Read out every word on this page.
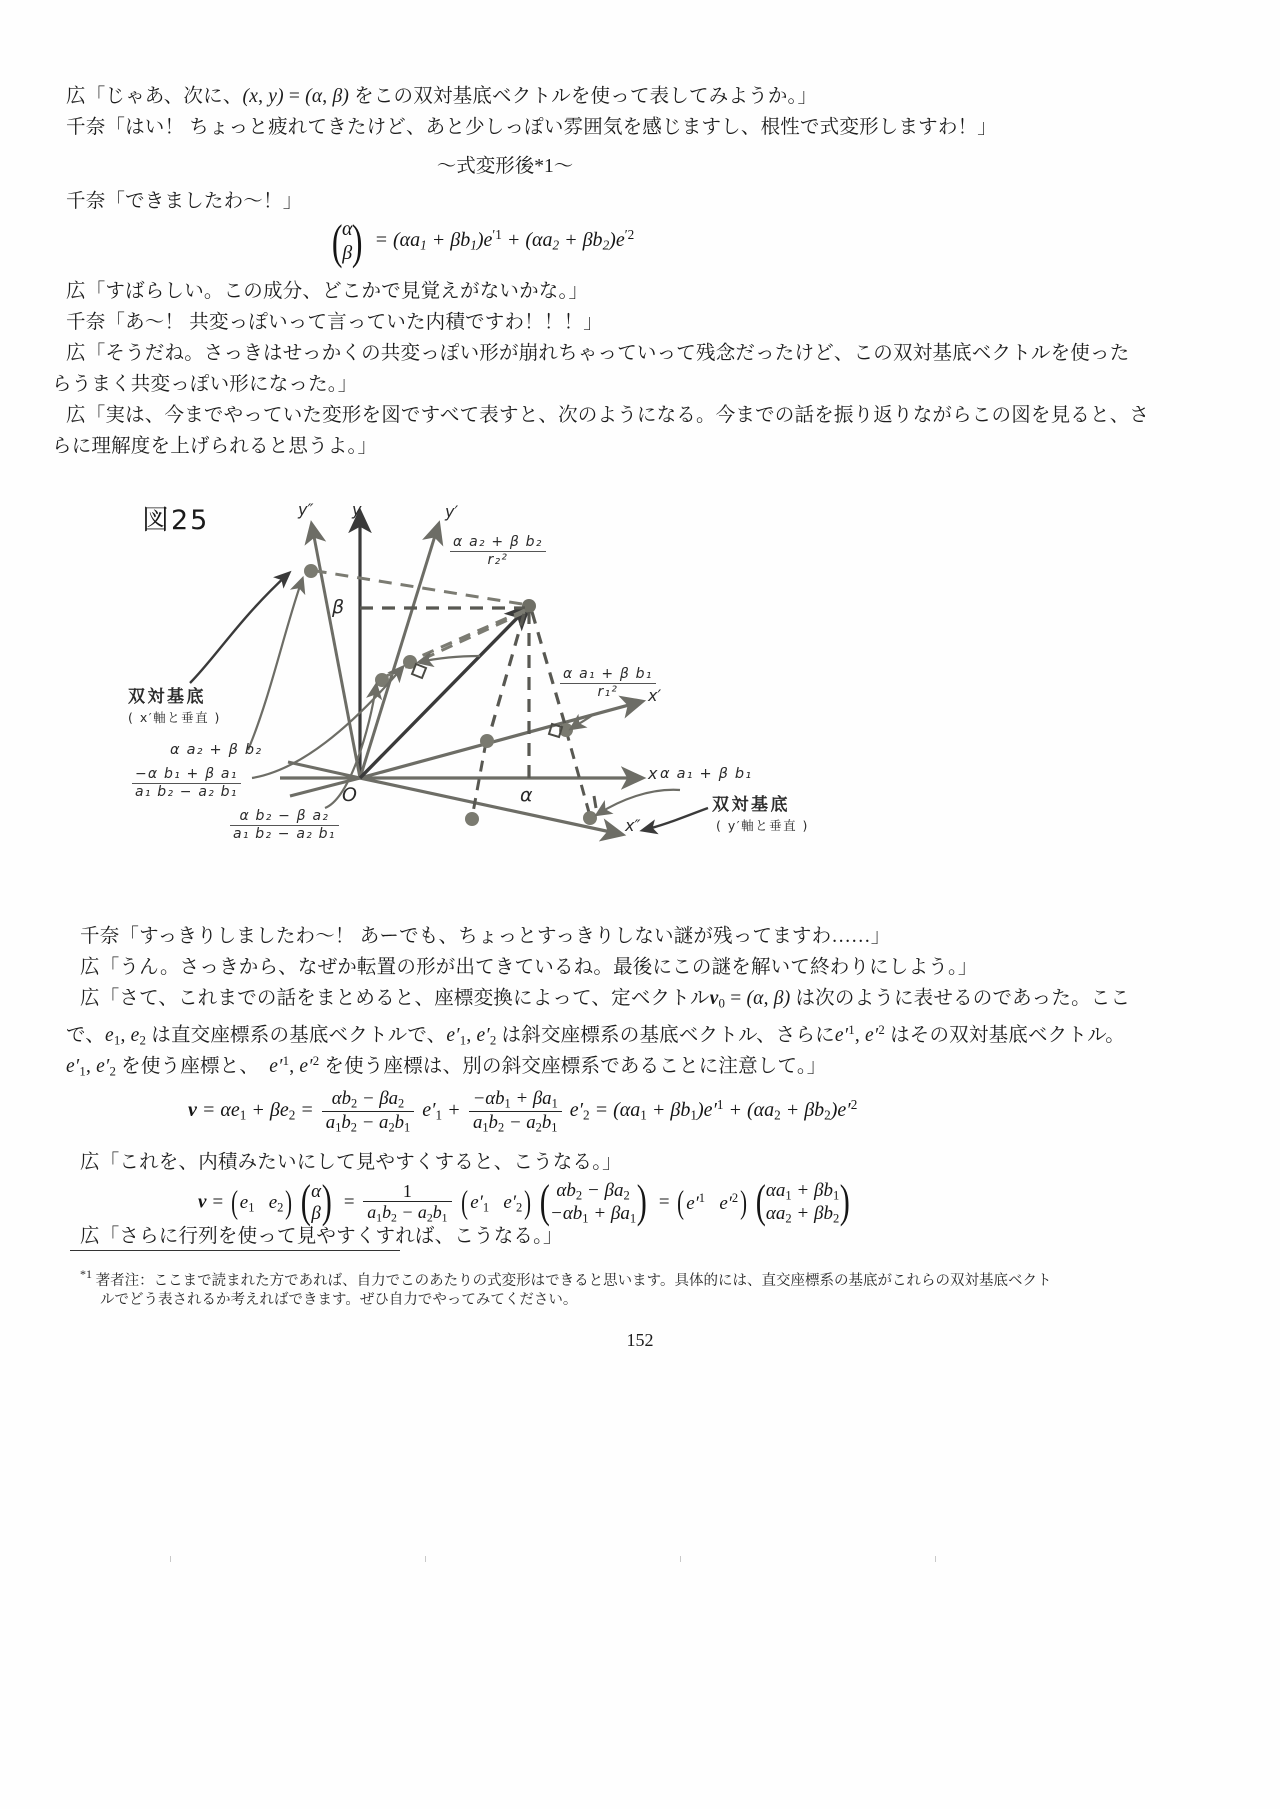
広「じゃあ、次に、(x, y) = (α, β) をこの双対基底ベクトルを使って表してみようか。」
千奈「はい！ ちょっと疲れてきたけど、あと少しっぽい雰囲気を感じますし、根性で式変形しますわ！」
〜式変形後*1〜
千奈「できましたわ〜！」
( α
β )  = $(\alpha a_1 + \beta b_1)e^{'1} + (\alpha a_2 + \beta b_2)e^{'2}$
広「すばらしい。この成分、どこかで見覚えがないかな。」
千奈「あ〜！ 共変っぽいって言っていた内積ですわ！！！」
広「そうだね。さっきはせっかくの共変っぽい形が崩れちゃっていって残念だったけど、この双対基底ベクトルを使った
らうまく共変っぽい形になった。」
広「実は、今までやっていた変形を図ですべて表すと、次のようになる。今までの話を振り返りながらこの図を見ると、さ
らに理解度を上げられると思うよ。」
図25	y″ y	y′
x
x′
x″
O	α
β
双対基底
( x′軸と垂直 )
α a₂ + β b₂
双対基底
( y′軸と垂直 )
α a₁ + β b₁
$\frac{\text{α a₂ + β b₂}}{\text{r₂²}}$
$\frac{\text{α a₁ + β b₁}}{\text{r₁²}}$
$\frac{\text{−α b₁ + β a₁}}{\text{a₁ b₂ − a₂ b₁}}$
$\frac{\text{α b₂ − β a₂}}{\text{a₁ b₂ − a₂ b₁}}$
千奈「すっきりしましたわ〜！ あーでも、ちょっとすっきりしない謎が残ってますわ……」
広「うん。さっきから、なぜか転置の形が出てきているね。最後にこの謎を解いて終わりにしよう。」
広「さて、これまでの話をまとめると、座標変換によって、定ベクトル$v_0 = (\alpha$, β) は次のように表せるのであった。ここ
で、$e_1$, $e_2$ は直交座標系の基底ベクトルで、$e'_1$, $e'_2$ は斜交座標系の基底ベクトル、さらに$e'^1$, $e'^2$ はその双対基底ベクトル。
$e'_1$, $e'_2$ を使う座標と、 $e'^1$, $e'^2$ を使う座標は、別の斜交座標系であることに注意して。」
$v = \alpha e_1 + \beta e_2 = \frac{\alpha b_2 - \beta a_2}{a_1b_2 - a_2b_1} e'_1 + \frac{-\alpha b_1 + \beta a_1}{a_1b_2 - a_2b_1} e'_2 = (\alpha a_1 + \beta b_1)e'^1 + (\alpha a_2 + \beta b_2)e'^2$
広「これを、内積みたいにして見やすくすると、こうなる。」
v = ( $e_1$   $e_2$ ) ( α
β )  = $\frac{1}{a_1b_2 - a_2b_1}$ ( $e'_1$   $e'_2$ ) ( $\alpha b_2 - \beta a_2$
$-\alpha b_1 + \beta a_1$ )  = ( $e'^1$   $e'^2$ ) ( $\alpha a_1 + \beta b_1$
$\alpha a_2 + \beta b_2$ )
広「さらに行列を使って見やすくすれば、こうなる。」
$^{*1}$ 著者注：ここまで読まれた方であれば、自力でこのあたりの式変形はできると思います。具体的には、直交座標系の基底がこれらの双対基底ベクト
ルでどう表されるか考えればできます。ぜひ自力でやってみてください。
152
